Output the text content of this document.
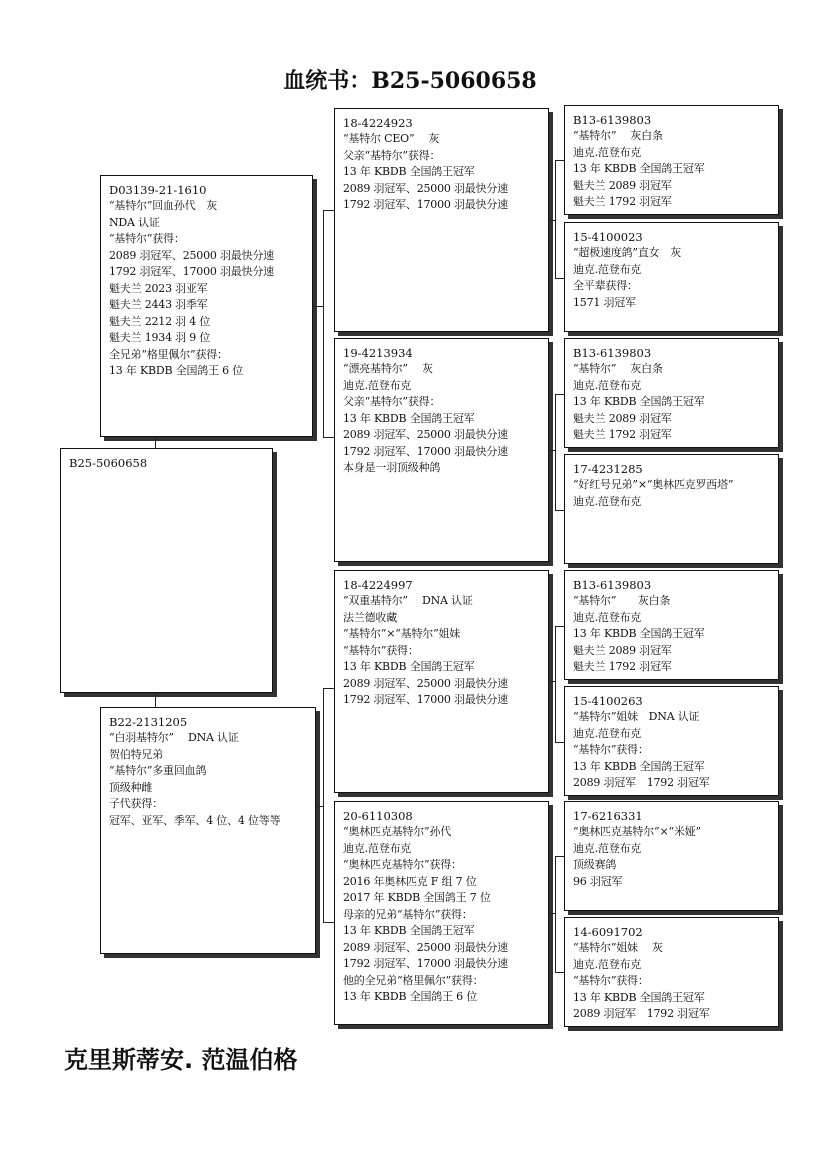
血统书：B25-5060658
B25-5060658
D03139-21-1610
“基特尔”回血孙代　灰
NDA 认证
“基特尔”获得：
2089 羽冠军、25000 羽最快分速
1792 羽冠军、17000 羽最快分速
魁夫兰 2023 羽亚军
魁夫兰 2443 羽季军
魁夫兰 2212 羽 4 位
魁夫兰 1934 羽 9 位
全兄弟“格里佩尔”获得：
13 年 KBDB 全国鸽王 6 位
B22-2131205
“白羽基特尔”　 DNA 认证
贺伯特兄弟
“基特尔”多重回血鸽
顶级种雌
子代获得：
冠军、亚军、季军、4 位、4 位等等
18-4224923
“基特尔 CEO”　 灰
父亲“基特尔”获得：
13 年 KBDB 全国鸽王冠军
2089 羽冠军、25000 羽最快分速
1792 羽冠军、17000 羽最快分速
19-4213934
“漂亮基特尔”　 灰
迪克.范登布克
父亲“基特尔”获得：
13 年 KBDB 全国鸽王冠军
2089 羽冠军、25000 羽最快分速
1792 羽冠军、17000 羽最快分速
本身是一羽顶级种鸽
18-4224997
“双重基特尔”　 DNA 认证
法兰德收藏
“基特尔”×“基特尔”姐妹
“基特尔”获得：
13 年 KBDB 全国鸽王冠军
2089 羽冠军、25000 羽最快分速
1792 羽冠军、17000 羽最快分速
20-6110308
“奥林匹克基特尔”孙代
迪克.范登布克
“奥林匹克基特尔”获得：
2016 年奥林匹克 F 组 7 位
2017 年 KBDB 全国鸽王 7 位
母亲的兄弟“基特尔”获得：
13 年 KBDB 全国鸽王冠军
2089 羽冠军、25000 羽最快分速
1792 羽冠军、17000 羽最快分速
他的全兄弟“格里佩尔”获得：
13 年 KBDB 全国鸽王 6 位
B13-6139803
“基特尔”　 灰白条
迪克.范登布克
13 年 KBDB 全国鸽王冠军
魁夫兰 2089 羽冠军
魁夫兰 1792 羽冠军
15-4100023
“超极速度鸽”直女　灰
迪克.范登布克
全平辈获得：
1571 羽冠军
B13-6139803
“基特尔”　 灰白条
迪克.范登布克
13 年 KBDB 全国鸽王冠军
魁夫兰 2089 羽冠军
魁夫兰 1792 羽冠军
17-4231285
“好红号兄弟”×“奥林匹克罗西塔”
迪克.范登布克
B13-6139803
“基特尔”　　灰白条
迪克.范登布克
13 年 KBDB 全国鸽王冠军
魁夫兰 2089 羽冠军
魁夫兰 1792 羽冠军
15-4100263
“基特尔”姐妹　DNA 认证
迪克.范登布克
“基特尔”获得：
13 年 KBDB 全国鸽王冠军
2089 羽冠军　1792 羽冠军
17-6216331
“奥林匹克基特尔”×“米娅”
迪克.范登布克
顶级赛鸽
96 羽冠军
14-6091702
“基特尔”姐妹　 灰
迪克.范登布克
“基特尔”获得：
13 年 KBDB 全国鸽王冠军
2089 羽冠军　1792 羽冠军
克里斯蒂安. 范温伯格
